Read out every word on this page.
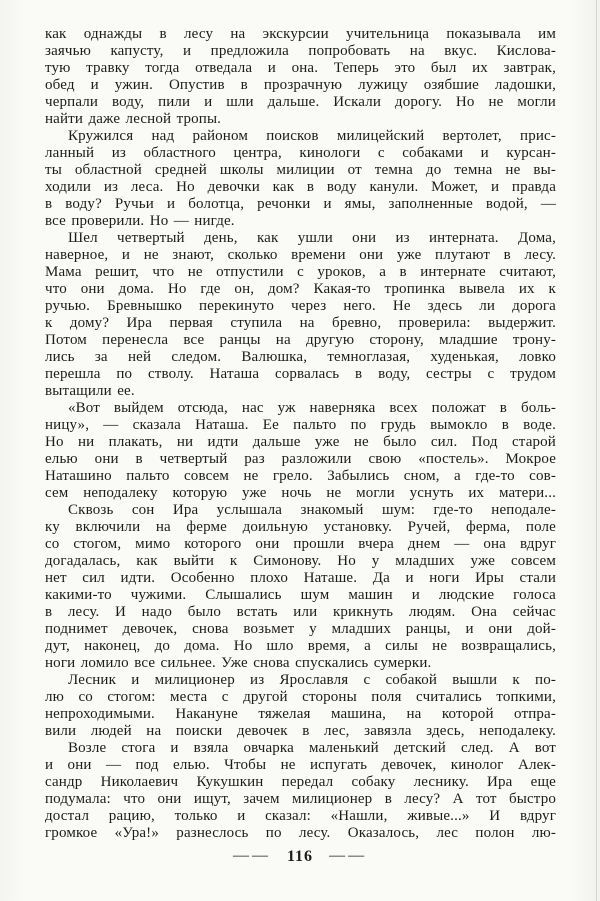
как однажды в лесу на экскурсии учительница показывала им
заячью капусту, и предложила попробовать на вкус. Кислова-
тую травку тогда отведала и она. Теперь это был их завтрак,
обед и ужин. Опустив в прозрачную лужицу озябшие ладошки,
черпали воду, пили и шли дальше. Искали дорогу. Но не могли
найти даже лесной тропы.
Кружился над районом поисков милицейский вертолет, прис-
ланный из областного центра, кинологи с собаками и курсан-
ты областной средней школы милиции от темна до темна не вы-
ходили из леса. Но девочки как в воду канули. Может, и правда
в воду? Ручьи и болотца, речонки и ямы, заполненные водой, —
все проверили. Но — нигде.
Шел четвертый день, как ушли они из интерната. Дома,
наверное, и не знают, сколько времени они уже плутают в лесу.
Мама решит, что не отпустили с уроков, а в интернате считают,
что они дома. Но где он, дом? Какая-то тропинка вывела их к
ручью. Бревнышко перекинуто через него. Не здесь ли дорога
к дому? Ира первая ступила на бревно, проверила: выдержит.
Потом перенесла все ранцы на другую сторону, младшие трону-
лись за ней следом. Валюшка, темноглазая, худенькая, ловко
перешла по стволу. Наташа сорвалась в воду, сестры с трудом
вытащили ее.
«Вот выйдем отсюда, нас уж наверняка всех положат в боль-
ницу», — сказала Наташа. Ее пальто по грудь вымокло в воде.
Но ни плакать, ни идти дальше уже не было сил. Под старой
елью они в четвертый раз разложили свою «постель». Мокрое
Наташино пальто совсем не грело. Забылись сном, а где-то сов-
сем неподалеку которую уже ночь не могли уснуть их матери...
Сквозь сон Ира услышала знакомый шум: где-то неподале-
ку включили на ферме доильную установку. Ручей, ферма, поле
со стогом, мимо которого они прошли вчера днем — она вдруг
догадалась, как выйти к Симонову. Но у младших уже совсем
нет сил идти. Особенно плохо Наташе. Да и ноги Иры стали
какими-то чужими. Слышались шум машин и людские голоса
в лесу. И надо было встать или крикнуть людям. Она сейчас
поднимет девочек, снова возьмет у младших ранцы, и они дой-
дут, наконец, до дома. Но шло время, а силы не возвращались,
ноги ломило все сильнее. Уже снова спускались сумерки.
Лесник и милиционер из Ярославля с собакой вышли к по-
лю со стогом: места с другой стороны поля считались топкими,
непроходимыми. Накануне тяжелая машина, на которой отпра-
вили людей на поиски девочек в лес, завязла здесь, неподалеку.
Возле стога и взяла овчарка маленький детский след. А вот
и они — под елью. Чтобы не испугать девочек, кинолог Алек-
сандр Николаевич Кукушкин передал собаку леснику. Ира еще
подумала: что они ищут, зачем милиционер в лесу? А тот быстро
достал рацию, только и сказал: «Нашли, живые...» И вдруг
громкое «Ура!» разнеслось по лесу. Оказалось, лес полон лю-
—— 116 ——
